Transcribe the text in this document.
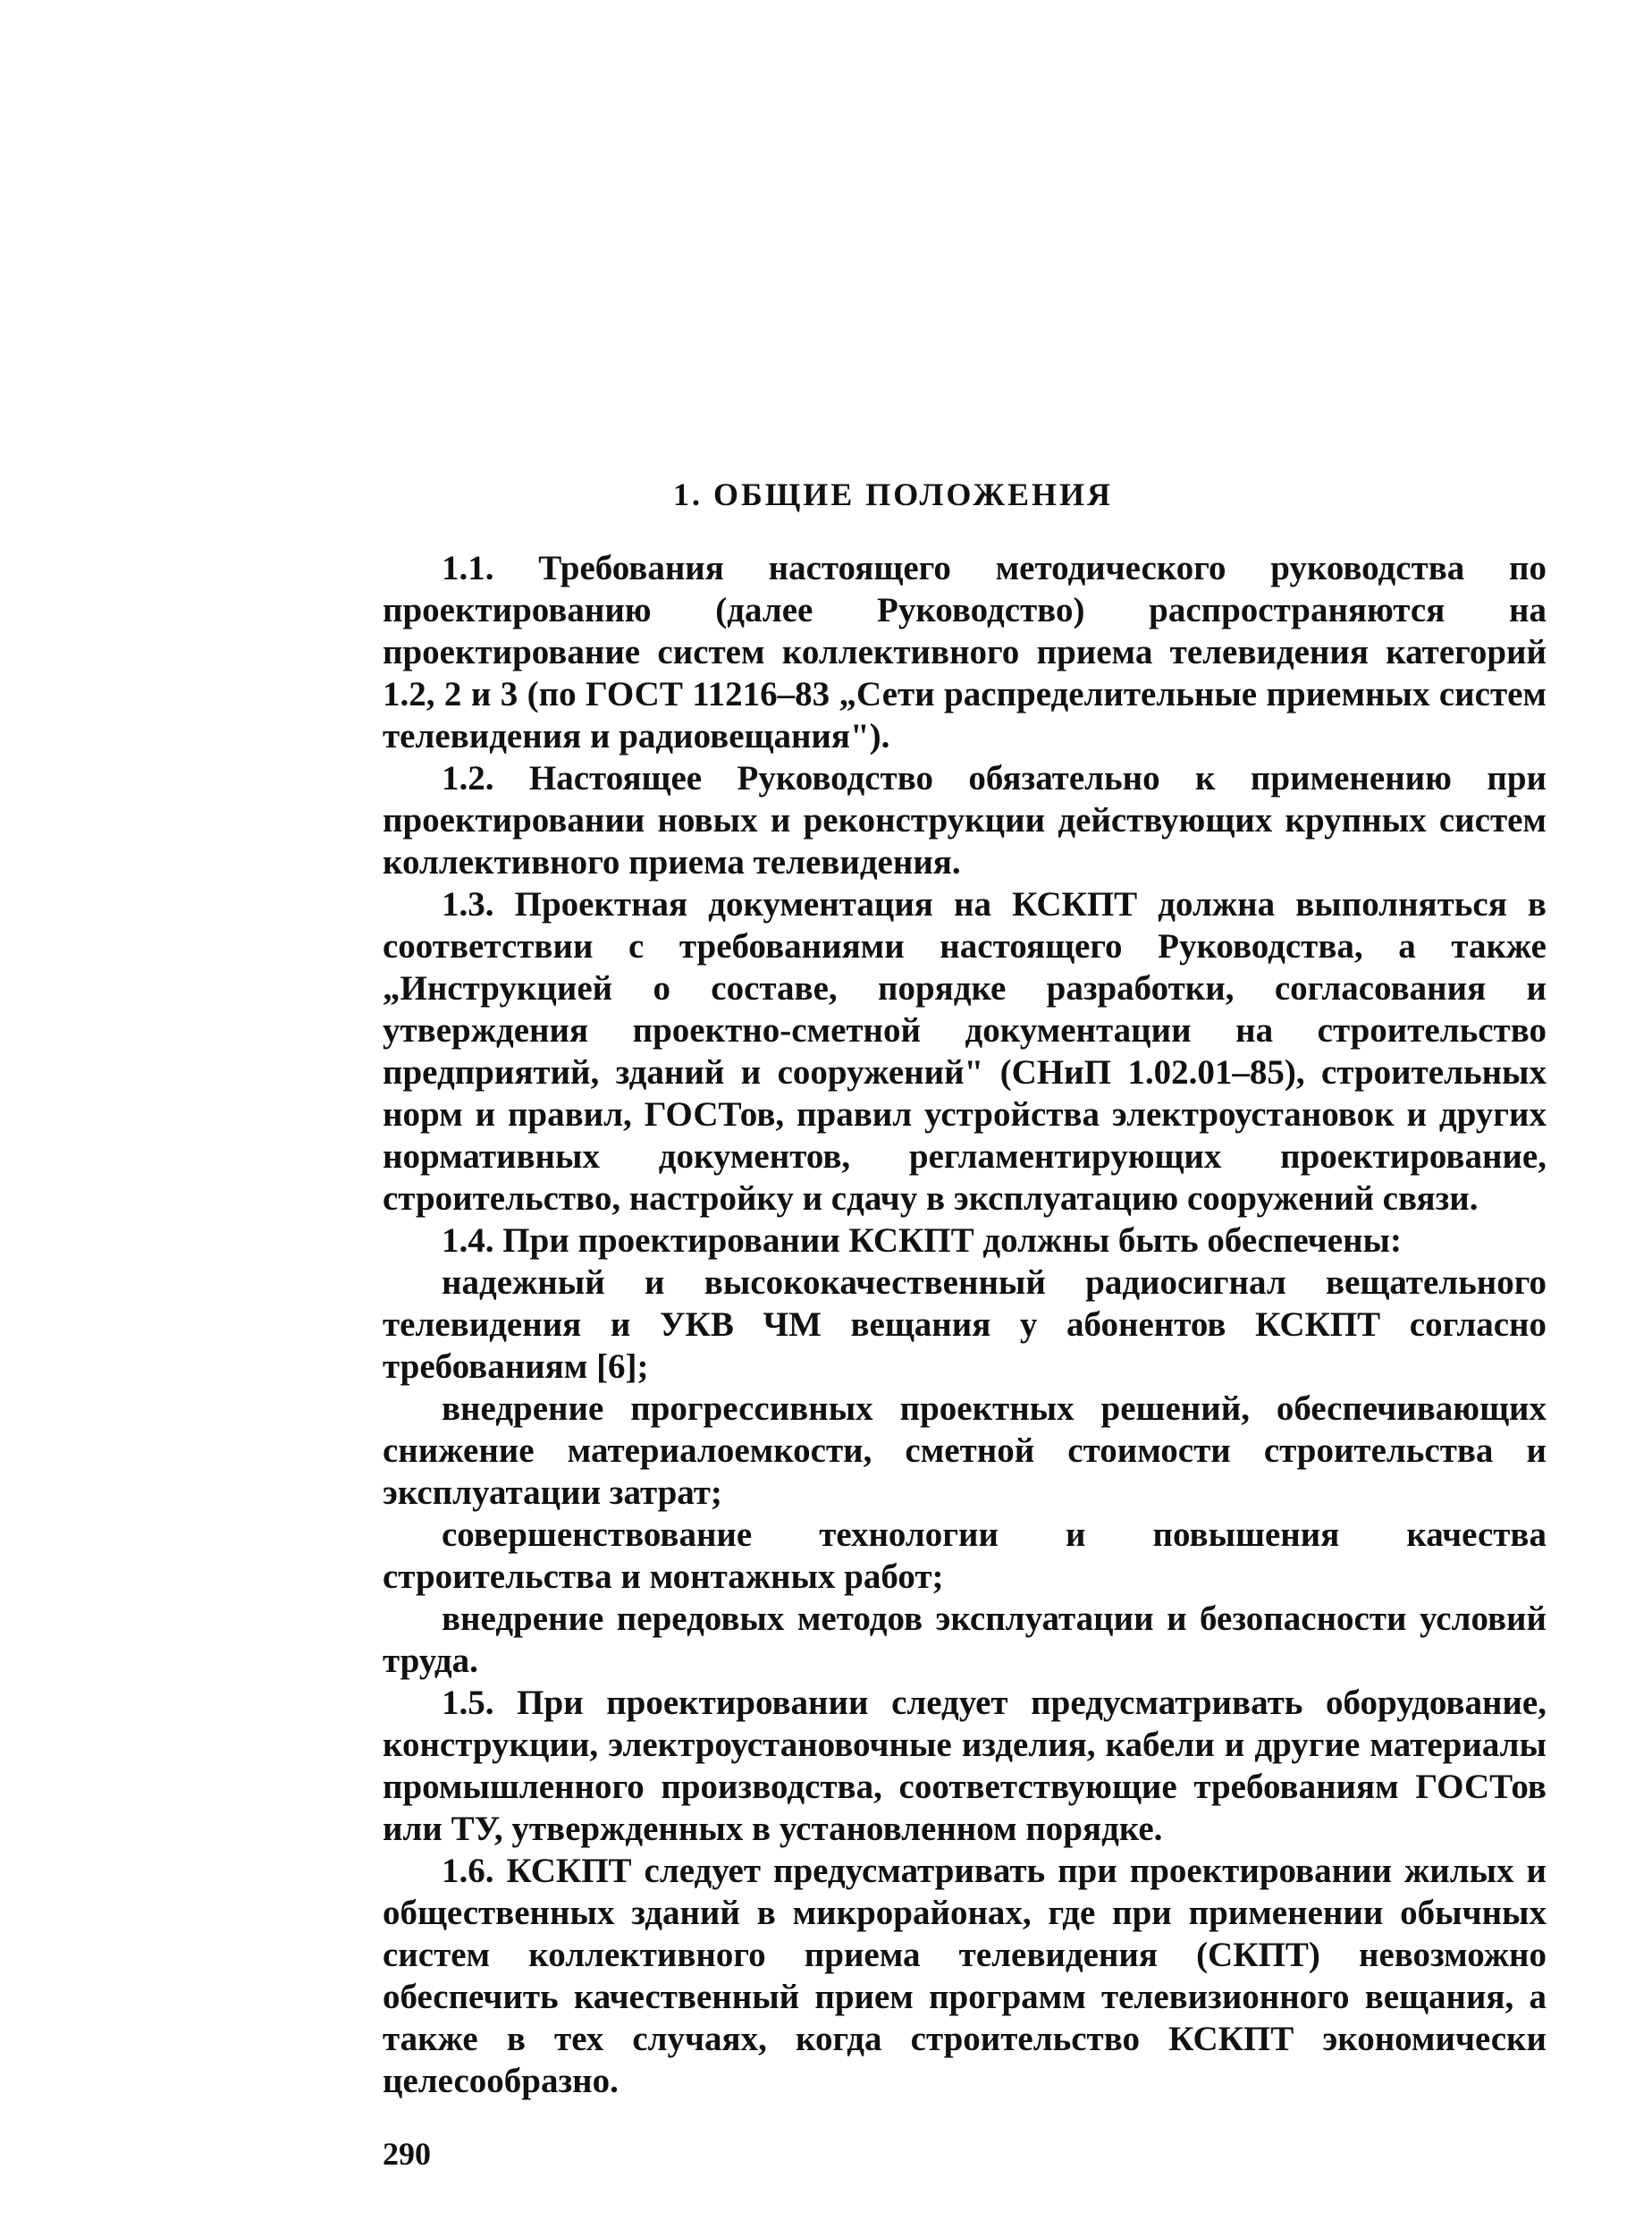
1. ОБЩИЕ ПОЛОЖЕНИЯ

1.1. Требования настоящего методического руководства по проектированию (далее Руководство) распространяются на проектирование систем коллективного приема телевидения категорий 1.2, 2 и 3 (по ГОСТ 11216–83 „Сети распределительные приемных систем телевидения и радиовещания").

1.2. Настоящее Руководство обязательно к применению при проектировании новых и реконструкции действующих крупных систем коллективного приема телевидения.

1.3. Проектная документация на КСКПТ должна выполняться в соответствии с требованиями настоящего Руководства, а также „Инструкцией о составе, порядке разработки, согласования и утверждения проектно-сметной документации на строительство предприятий, зданий и сооружений" (СНиП 1.02.01–85), строительных норм и правил, ГОСТов, правил устройства электроустановок и других нормативных документов, регламентирующих проектирование, строительство, настройку и сдачу в эксплуатацию сооружений связи.

1.4. При проектировании КСКПТ должны быть обеспечены:

надежный и высококачественный радиосигнал вещательного телевидения и УКВ ЧМ вещания у абонентов КСКПТ согласно требованиям [6];

внедрение прогрессивных проектных решений, обеспечивающих снижение материалоемкости, сметной стоимости строительства и эксплуатации затрат;

совершенствование технологии и повышения качества строительства и монтажных работ;

внедрение передовых методов эксплуатации и безопасности условий труда.

1.5. При проектировании следует предусматривать оборудование, конструкции, электроустановочные изделия, кабели и другие материалы промышленного производства, соответствующие требованиям ГОСТов или ТУ, утвержденных в установленном порядке.

1.6. КСКПТ следует предусматривать при проектировании жилых и общественных зданий в микрорайонах, где при применении обычных систем коллективного приема телевидения (СКПТ) невозможно обеспечить качественный прием программ телевизионного вещания, а также в тех случаях, когда строительство КСКПТ экономически целесообразно.

290
